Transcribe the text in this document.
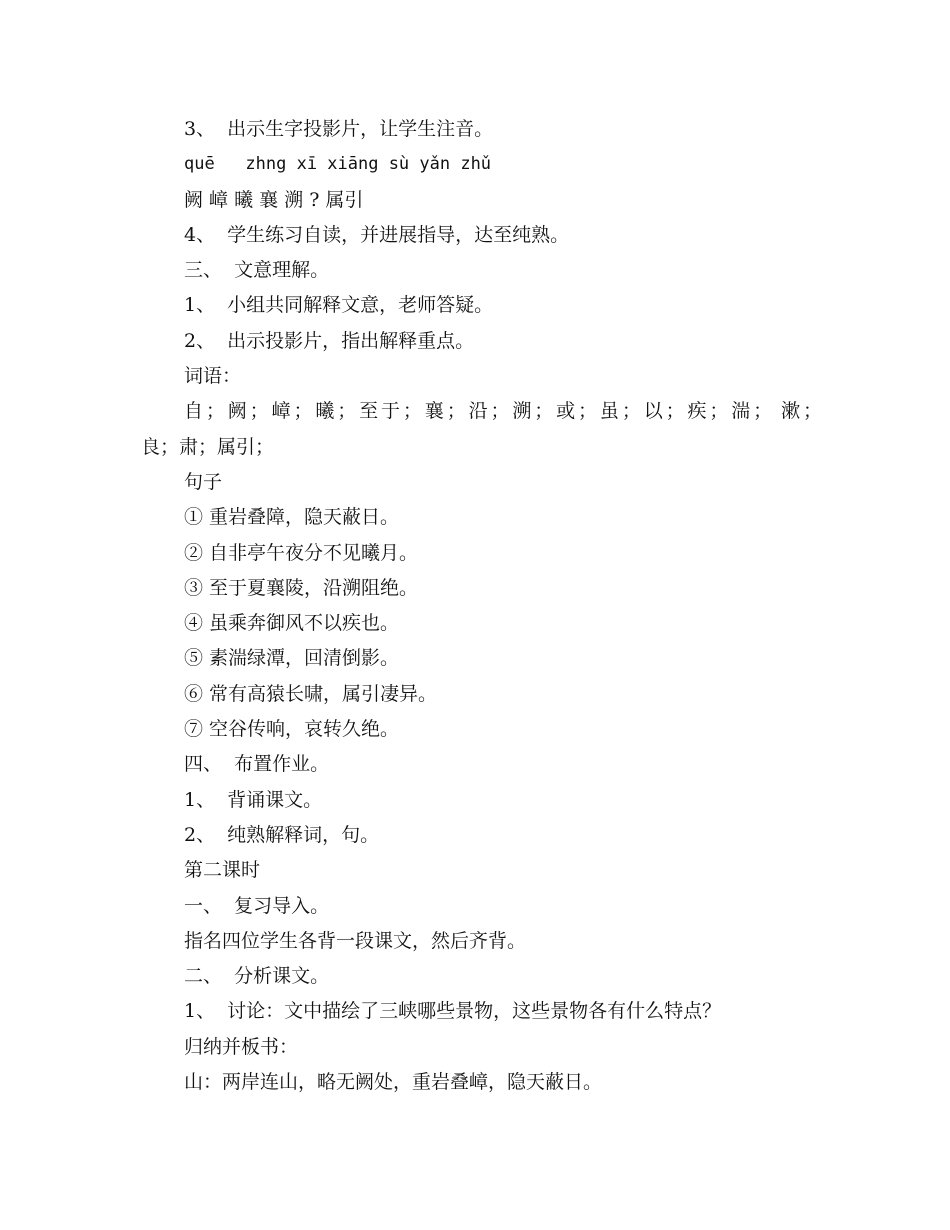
3、  出示生字投影片，让学生注音。
quē   zhng xī xiāng sù yǎn zhǔ
阙 嶂 曦 襄 溯 ? 属引
4、  学生练习自读，并进展指导，达至纯熟。
三、  文意理解。
1、  小组共同解释文意，老师答疑。
2、  出示投影片，指出解释重点。
词语：
自；阙；嶂；曦；至于；襄；沿；溯；或；虽；以；疾；湍； 漱；
良；肃；属引；
句子
① 重岩叠障，隐天蔽日。
② 自非亭午夜分不见曦月。
③ 至于夏襄陵，沿溯阻绝。
④ 虽乘奔御风不以疾也。
⑤ 素湍绿潭，回清倒影。
⑥ 常有高猿长啸，属引凄异。
⑦ 空谷传响，哀转久绝。
四、  布置作业。
1、  背诵课文。
2、  纯熟解释词，句。
第二课时
一、  复习导入。
指名四位学生各背一段课文，然后齐背。
二、  分析课文。
1、  讨论：文中描绘了三峡哪些景物，这些景物各有什么特点？
归纳并板书：
山：两岸连山，略无阙处，重岩叠嶂，隐天蔽日。
